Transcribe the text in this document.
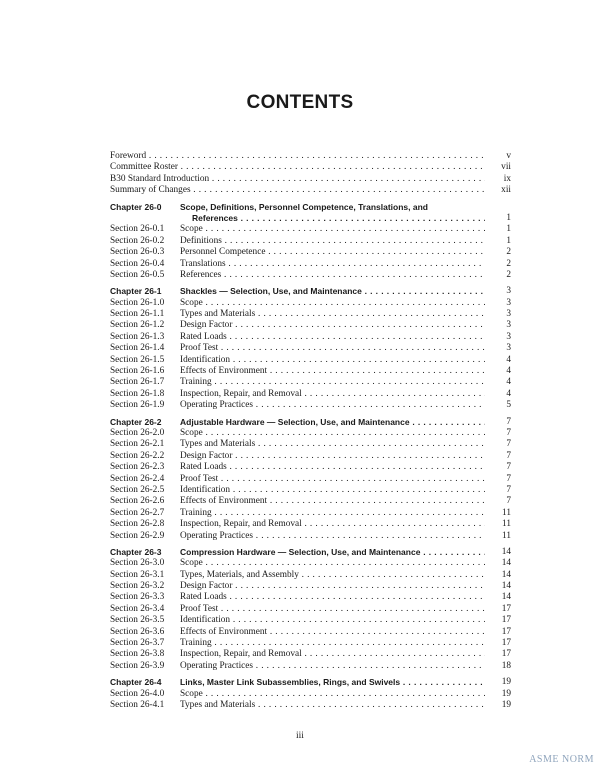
CONTENTS
Foreword . . .	v
Committee Roster . . .	vii
B30 Standard Introduction . . .	ix
Summary of Changes . . .	xii
Chapter 26-0 Scope, Definitions, Personnel Competence, Translations, and
References . . .	1
Section 26-0.1 Scope . . .	1
Section 26-0.2 Definitions . . .	1
Section 26-0.3 Personnel Competence . . .	2
Section 26-0.4 Translations . . .	2
Section 26-0.5 References . . .	2
Chapter 26-1 Shackles — Selection, Use, and Maintenance . . .	3
Section 26-1.0 Scope . . .	3
Section 26-1.1 Types and Materials . . .	3
Section 26-1.2 Design Factor . . .	3
Section 26-1.3 Rated Loads . . .	3
Section 26-1.4 Proof Test . . .	3
Section 26-1.5 Identification . . .	4
Section 26-1.6 Effects of Environment . . .	4
Section 26-1.7 Training . . .	4
Section 26-1.8 Inspection, Repair, and Removal . . .	4
Section 26-1.9 Operating Practices . . .	5
Chapter 26-2 Adjustable Hardware — Selection, Use, and Maintenance . . .	7
Section 26-2.0 Scope . . .	7
Section 26-2.1 Types and Materials . . .	7
Section 26-2.2 Design Factor . . .	7
Section 26-2.3 Rated Loads . . .	7
Section 26-2.4 Proof Test . . .	7
Section 26-2.5 Identification . . .	7
Section 26-2.6 Effects of Environment . . .	7
Section 26-2.7 Training . . .	11
Section 26-2.8 Inspection, Repair, and Removal . . .	11
Section 26-2.9 Operating Practices . . .	11
Chapter 26-3 Compression Hardware — Selection, Use, and Maintenance . . .	14
Section 26-3.0 Scope . . .	14
Section 26-3.1 Types, Materials, and Assembly . . .	14
Section 26-3.2 Design Factor . . .	14
Section 26-3.3 Rated Loads . . .	14
Section 26-3.4 Proof Test . . .	17
Section 26-3.5 Identification . . .	17
Section 26-3.6 Effects of Environment . . .	17
Section 26-3.7 Training . . .	17
Section 26-3.8 Inspection, Repair, and Removal . . .	17
Section 26-3.9 Operating Practices . . .	18
Chapter 26-4 Links, Master Link Subassemblies, Rings, and Swivels . . .	19
Section 26-4.0 Scope . . .	19
Section 26-4.1 Types and Materials . . .	19
iii
ASME NORM
